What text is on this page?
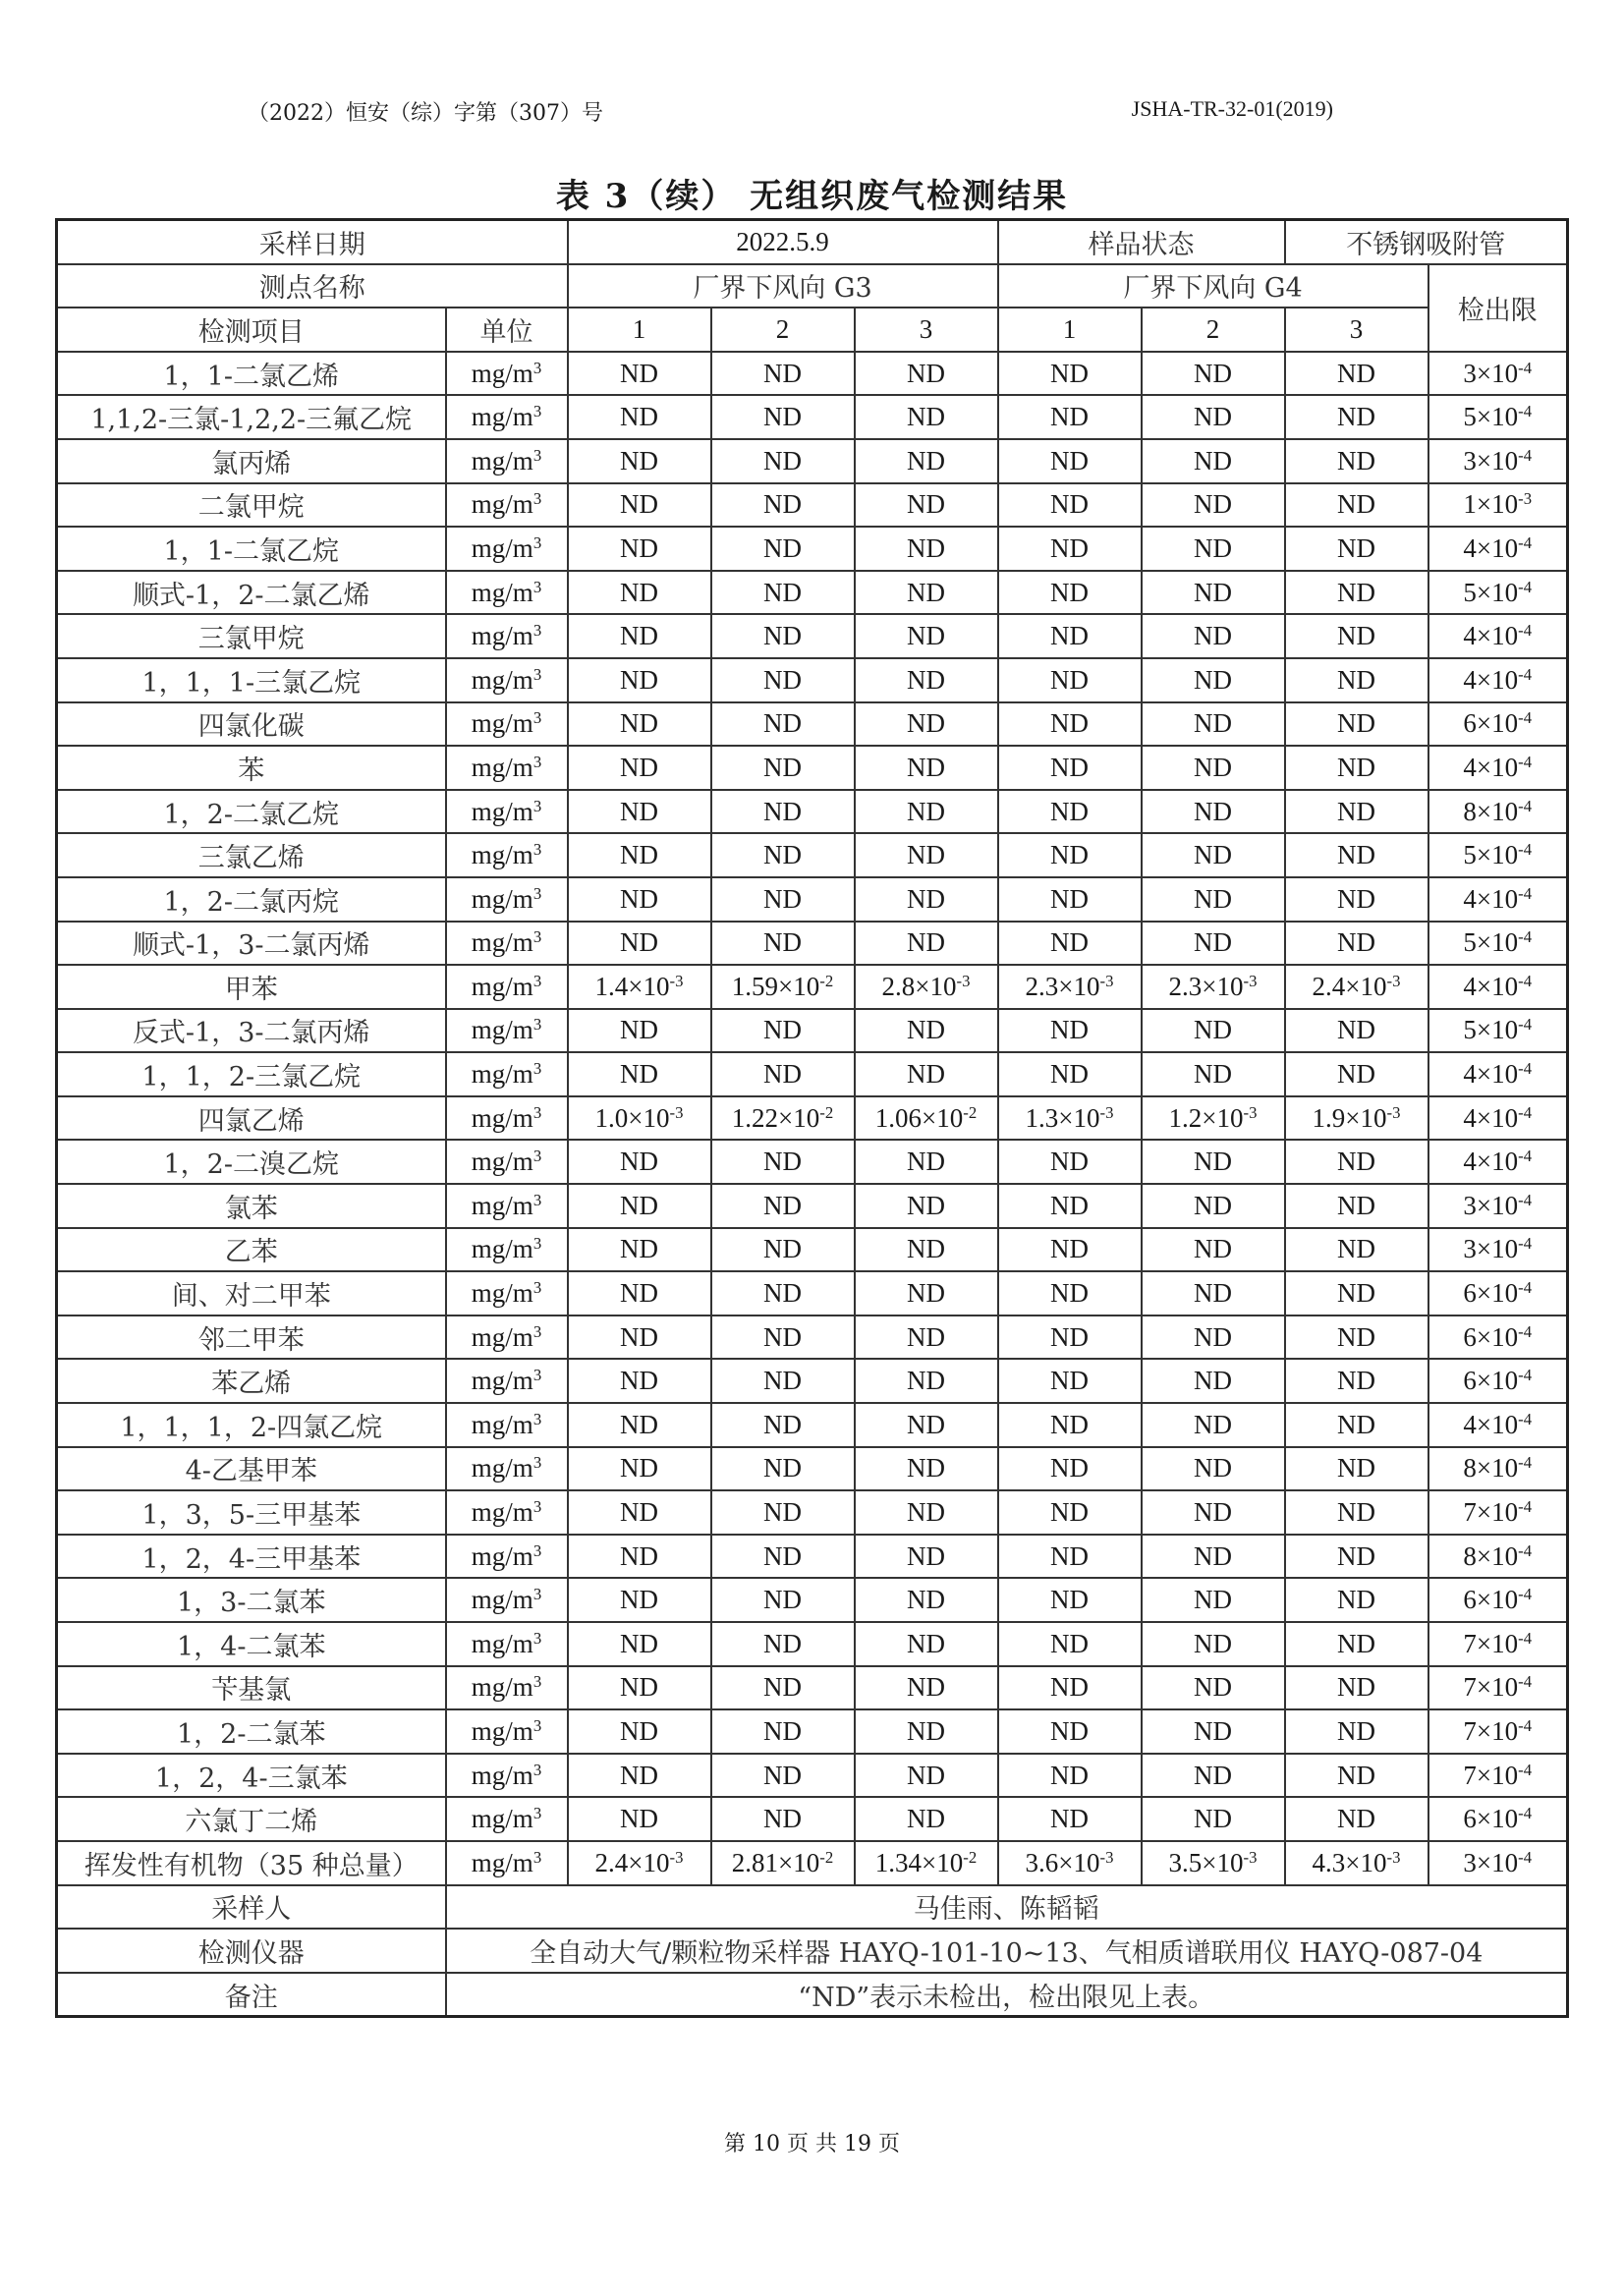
（2022）恒安（综）字第（307）号	JSHA-TR-32-01(2019)
表 3（续） 无组织废气检测结果
采样日期		2022.5.9			样品状态		不锈钢吸附管	
测点名称		厂界下风向 G3			厂界下风向 G4			检出限
检测项目	单位	1	2	3	1	2	3	
1，1-二氯乙烯	$mg/m^3$	ND	ND	ND	ND	ND	ND	$3\times 10^{-4}$
1,1,2-三氯-1,2,2-三氟乙烷	$mg/m^3$	ND	ND	ND	ND	ND	ND	$5\times 10^{-4}$
氯丙烯	$mg/m^3$	ND	ND	ND	ND	ND	ND	$3\times 10^{-4}$
二氯甲烷	$mg/m^3$	ND	ND	ND	ND	ND	ND	$1\times 10^{-3}$
1，1-二氯乙烷	$mg/m^3$	ND	ND	ND	ND	ND	ND	$4\times 10^{-4}$
顺式-1，2-二氯乙烯	$mg/m^3$	ND	ND	ND	ND	ND	ND	$5\times 10^{-4}$
三氯甲烷	$mg/m^3$	ND	ND	ND	ND	ND	ND	$4\times 10^{-4}$
1，1，1-三氯乙烷	$mg/m^3$	ND	ND	ND	ND	ND	ND	$4\times 10^{-4}$
四氯化碳	$mg/m^3$	ND	ND	ND	ND	ND	ND	$6\times 10^{-4}$
苯	$mg/m^3$	ND	ND	ND	ND	ND	ND	$4\times 10^{-4}$
1，2-二氯乙烷	$mg/m^3$	ND	ND	ND	ND	ND	ND	$8\times 10^{-4}$
三氯乙烯	$mg/m^3$	ND	ND	ND	ND	ND	ND	$5\times 10^{-4}$
1，2-二氯丙烷	$mg/m^3$	ND	ND	ND	ND	ND	ND	$4\times 10^{-4}$
顺式-1，3-二氯丙烯	$mg/m^3$	ND	ND	ND	ND	ND	ND	$5\times 10^{-4}$
甲苯	$mg/m^3$	$1.4\times 10^{-3}$	$1.59\times 10^{-2}$	$2.8\times 10^{-3}$	$2.3\times 10^{-3}$	$2.3\times 10^{-3}$	$2.4\times 10^{-3}$	$4\times 10^{-4}$
反式-1，3-二氯丙烯	$mg/m^3$	ND	ND	ND	ND	ND	ND	$5\times 10^{-4}$
1，1，2-三氯乙烷	$mg/m^3$	ND	ND	ND	ND	ND	ND	$4\times 10^{-4}$
四氯乙烯	$mg/m^3$	$1.0\times 10^{-3}$	$1.22\times 10^{-2}$	$1.06\times 10^{-2}$	$1.3\times 10^{-3}$	$1.2\times 10^{-3}$	$1.9\times 10^{-3}$	$4\times 10^{-4}$
1，2-二溴乙烷	$mg/m^3$	ND	ND	ND	ND	ND	ND	$4\times 10^{-4}$
氯苯	$mg/m^3$	ND	ND	ND	ND	ND	ND	$3\times 10^{-4}$
乙苯	$mg/m^3$	ND	ND	ND	ND	ND	ND	$3\times 10^{-4}$
间、对二甲苯	$mg/m^3$	ND	ND	ND	ND	ND	ND	$6\times 10^{-4}$
邻二甲苯	$mg/m^3$	ND	ND	ND	ND	ND	ND	$6\times 10^{-4}$
苯乙烯	$mg/m^3$	ND	ND	ND	ND	ND	ND	$6\times 10^{-4}$
1，1，1，2-四氯乙烷	$mg/m^3$	ND	ND	ND	ND	ND	ND	$4\times 10^{-4}$
4-乙基甲苯	$mg/m^3$	ND	ND	ND	ND	ND	ND	$8\times 10^{-4}$
1，3，5-三甲基苯	$mg/m^3$	ND	ND	ND	ND	ND	ND	$7\times 10^{-4}$
1，2，4-三甲基苯	$mg/m^3$	ND	ND	ND	ND	ND	ND	$8\times 10^{-4}$
1，3-二氯苯	$mg/m^3$	ND	ND	ND	ND	ND	ND	$6\times 10^{-4}$
1，4-二氯苯	$mg/m^3$	ND	ND	ND	ND	ND	ND	$7\times 10^{-4}$
苄基氯	$mg/m^3$	ND	ND	ND	ND	ND	ND	$7\times 10^{-4}$
1，2-二氯苯	$mg/m^3$	ND	ND	ND	ND	ND	ND	$7\times 10^{-4}$
1，2，4-三氯苯	$mg/m^3$	ND	ND	ND	ND	ND	ND	$7\times 10^{-4}$
六氯丁二烯	$mg/m^3$	ND	ND	ND	ND	ND	ND	$6\times 10^{-4}$
挥发性有机物（35 种总量）	$mg/m^3$	$2.4\times 10^{-3}$	$2.81\times 10^{-2}$	$1.34\times 10^{-2}$	$3.6\times 10^{-3}$	$3.5\times 10^{-3}$	$4.3\times 10^{-3}$	$3\times 10^{-4}$
采样人	马佳雨、陈韬韬							
检测仪器	全自动大气/颗粒物采样器 HAYQ-101-10~13、气相质谱联用仪 HAYQ-087-04							
备注	“ND”表示未检出，检出限见上表。							
第 10 页 共 19 页
